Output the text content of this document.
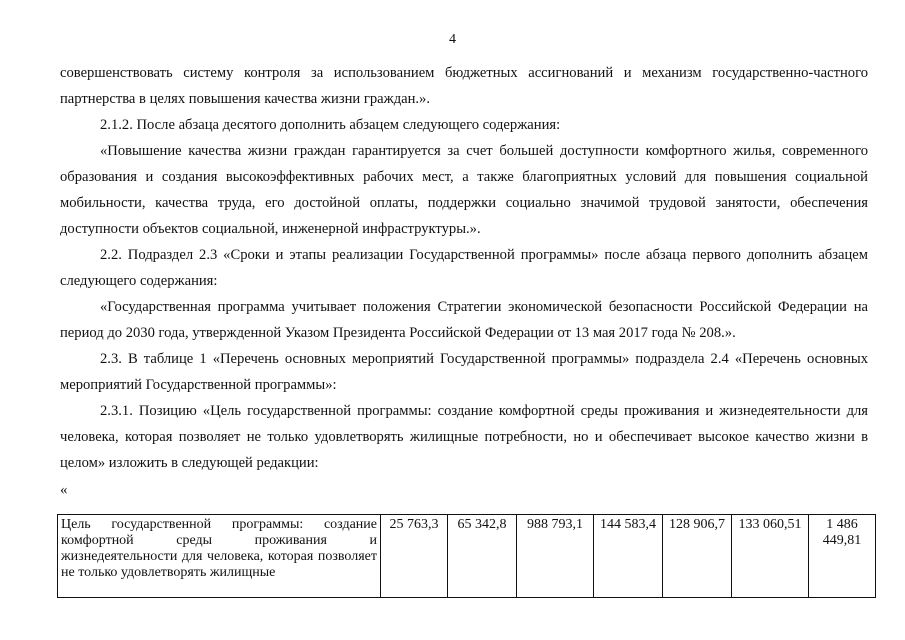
4

совершенствовать систему контроля за использованием бюджетных ассигнований и механизм государственно-частного партнерства в целях повышения качества жизни граждан.».

2.1.2. После абзаца десятого дополнить абзацем следующего содержания:

«Повышение качества жизни граждан гарантируется за счет большей доступности комфортного жилья, современного образования и создания высокоэффективных рабочих мест, а также благоприятных условий для повышения социальной мобильности, качества труда, его достойной оплаты, поддержки социально значимой трудовой занятости, обеспечения доступности объектов социальной, инженерной инфраструктуры.».

2.2. Подраздел 2.3 «Сроки и этапы реализации Государственной программы» после абзаца первого дополнить абзацем следующего содержания:

«Государственная программа учитывает положения Стратегии экономической безопасности Российской Федерации на период до 2030 года, утвержденной Указом Президента Российской Федерации от 13 мая 2017 года № 208.».

2.3. В таблице 1 «Перечень основных мероприятий Государственной программы» подраздела 2.4 «Перечень основных мероприятий Государственной программы»:

2.3.1. Позицию «Цель государственной программы: создание комфортной среды проживания и жизнедеятельности для человека, которая позволяет не только удовлетворять жилищные потребности, но и обеспечивает высокое качество жизни в целом» изложить в следующей редакции:

«
Цель государственной программы: создание комфортной среды проживания и жизнедеятельности для человека, которая позволяет не только удовлетворять жилищные	25 763,3	65 342,8	988 793,1	144 583,4	128 906,7	133 060,51	1 486 449,81
